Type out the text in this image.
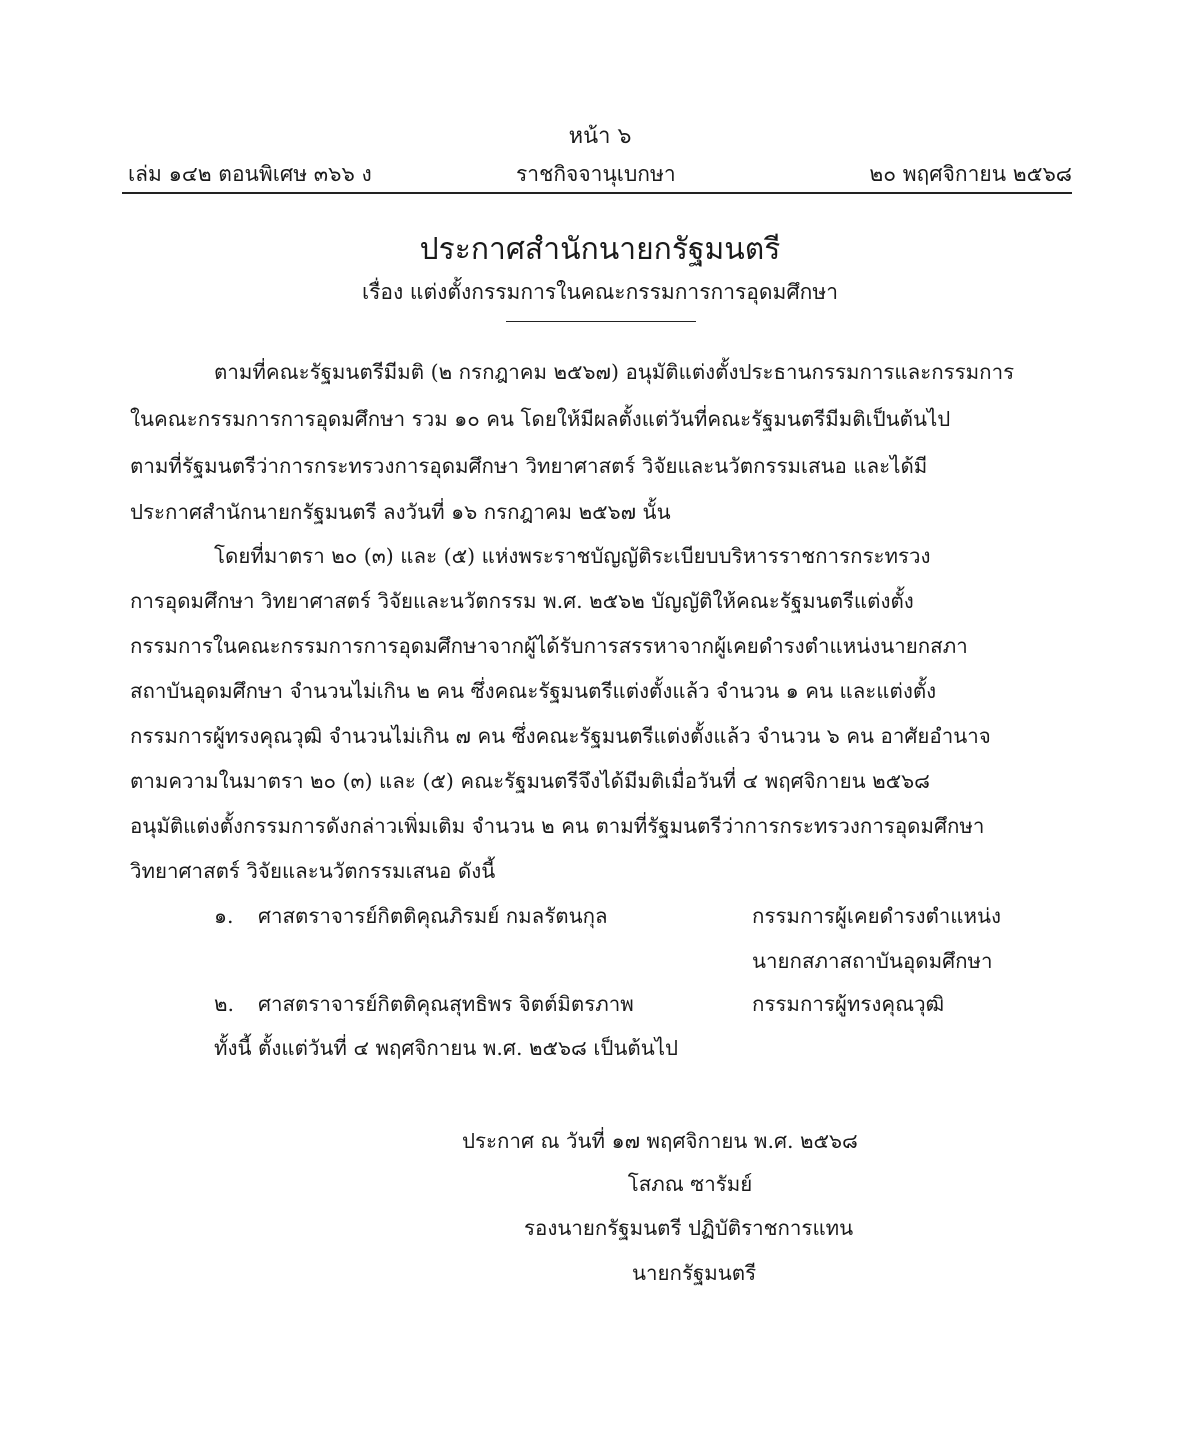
หน้า ๖
เล่ม ๑๔๒ ตอนพิเศษ ๓๖๖ ง	ราชกิจจานุเบกษา	๒๐ พฤศจิกายน ๒๕๖๘
ประกาศสำนักนายกรัฐมนตรี
เรื่อง แต่งตั้งกรรมการในคณะกรรมการการอุดมศึกษา
ตามที่คณะรัฐมนตรีมีมติ (๒ กรกฎาคม ๒๕๖๗) อนุมัติแต่งตั้งประธานกรรมการและกรรมการ
ในคณะกรรมการการอุดมศึกษา รวม ๑๐ คน โดยให้มีผลตั้งแต่วันที่คณะรัฐมนตรีมีมติเป็นต้นไป
ตามที่รัฐมนตรีว่าการกระทรวงการอุดมศึกษา วิทยาศาสตร์ วิจัยและนวัตกรรมเสนอ และได้มี
ประกาศสำนักนายกรัฐมนตรี ลงวันที่ ๑๖ กรกฎาคม ๒๕๖๗ นั้น
โดยที่มาตรา ๒๐ (๓) และ (๕) แห่งพระราชบัญญัติระเบียบบริหารราชการกระทรวง
การอุดมศึกษา วิทยาศาสตร์ วิจัยและนวัตกรรม พ.ศ. ๒๕๖๒ บัญญัติให้คณะรัฐมนตรีแต่งตั้ง
กรรมการในคณะกรรมการการอุดมศึกษาจากผู้ได้รับการสรรหาจากผู้เคยดำรงตำแหน่งนายกสภา
สถาบันอุดมศึกษา จำนวนไม่เกิน ๒ คน ซึ่งคณะรัฐมนตรีแต่งตั้งแล้ว จำนวน ๑ คน และแต่งตั้ง
กรรมการผู้ทรงคุณวุฒิ จำนวนไม่เกิน ๗ คน ซึ่งคณะรัฐมนตรีแต่งตั้งแล้ว จำนวน ๖ คน อาศัยอำนาจ
ตามความในมาตรา ๒๐ (๓) และ (๕) คณะรัฐมนตรีจึงได้มีมติเมื่อวันที่ ๔ พฤศจิกายน ๒๕๖๘
อนุมัติแต่งตั้งกรรมการดังกล่าวเพิ่มเติม จำนวน ๒ คน ตามที่รัฐมนตรีว่าการกระทรวงการอุดมศึกษา
วิทยาศาสตร์ วิจัยและนวัตกรรมเสนอ ดังนี้
๑. ศาสตราจารย์กิตติคุณภิรมย์ กมลรัตนกุล	กรรมการผู้เคยดำรงตำแหน่ง
นายกสภาสถาบันอุดมศึกษา
๒. ศาสตราจารย์กิตติคุณสุทธิพร จิตต์มิตรภาพ	กรรมการผู้ทรงคุณวุฒิ
ทั้งนี้ ตั้งแต่วันที่ ๔ พฤศจิกายน พ.ศ. ๒๕๖๘ เป็นต้นไป
ประกาศ ณ วันที่ ๑๗ พฤศจิกายน พ.ศ. ๒๕๖๘
โสภณ ซารัมย์
รองนายกรัฐมนตรี ปฏิบัติราชการแทน
นายกรัฐมนตรี
